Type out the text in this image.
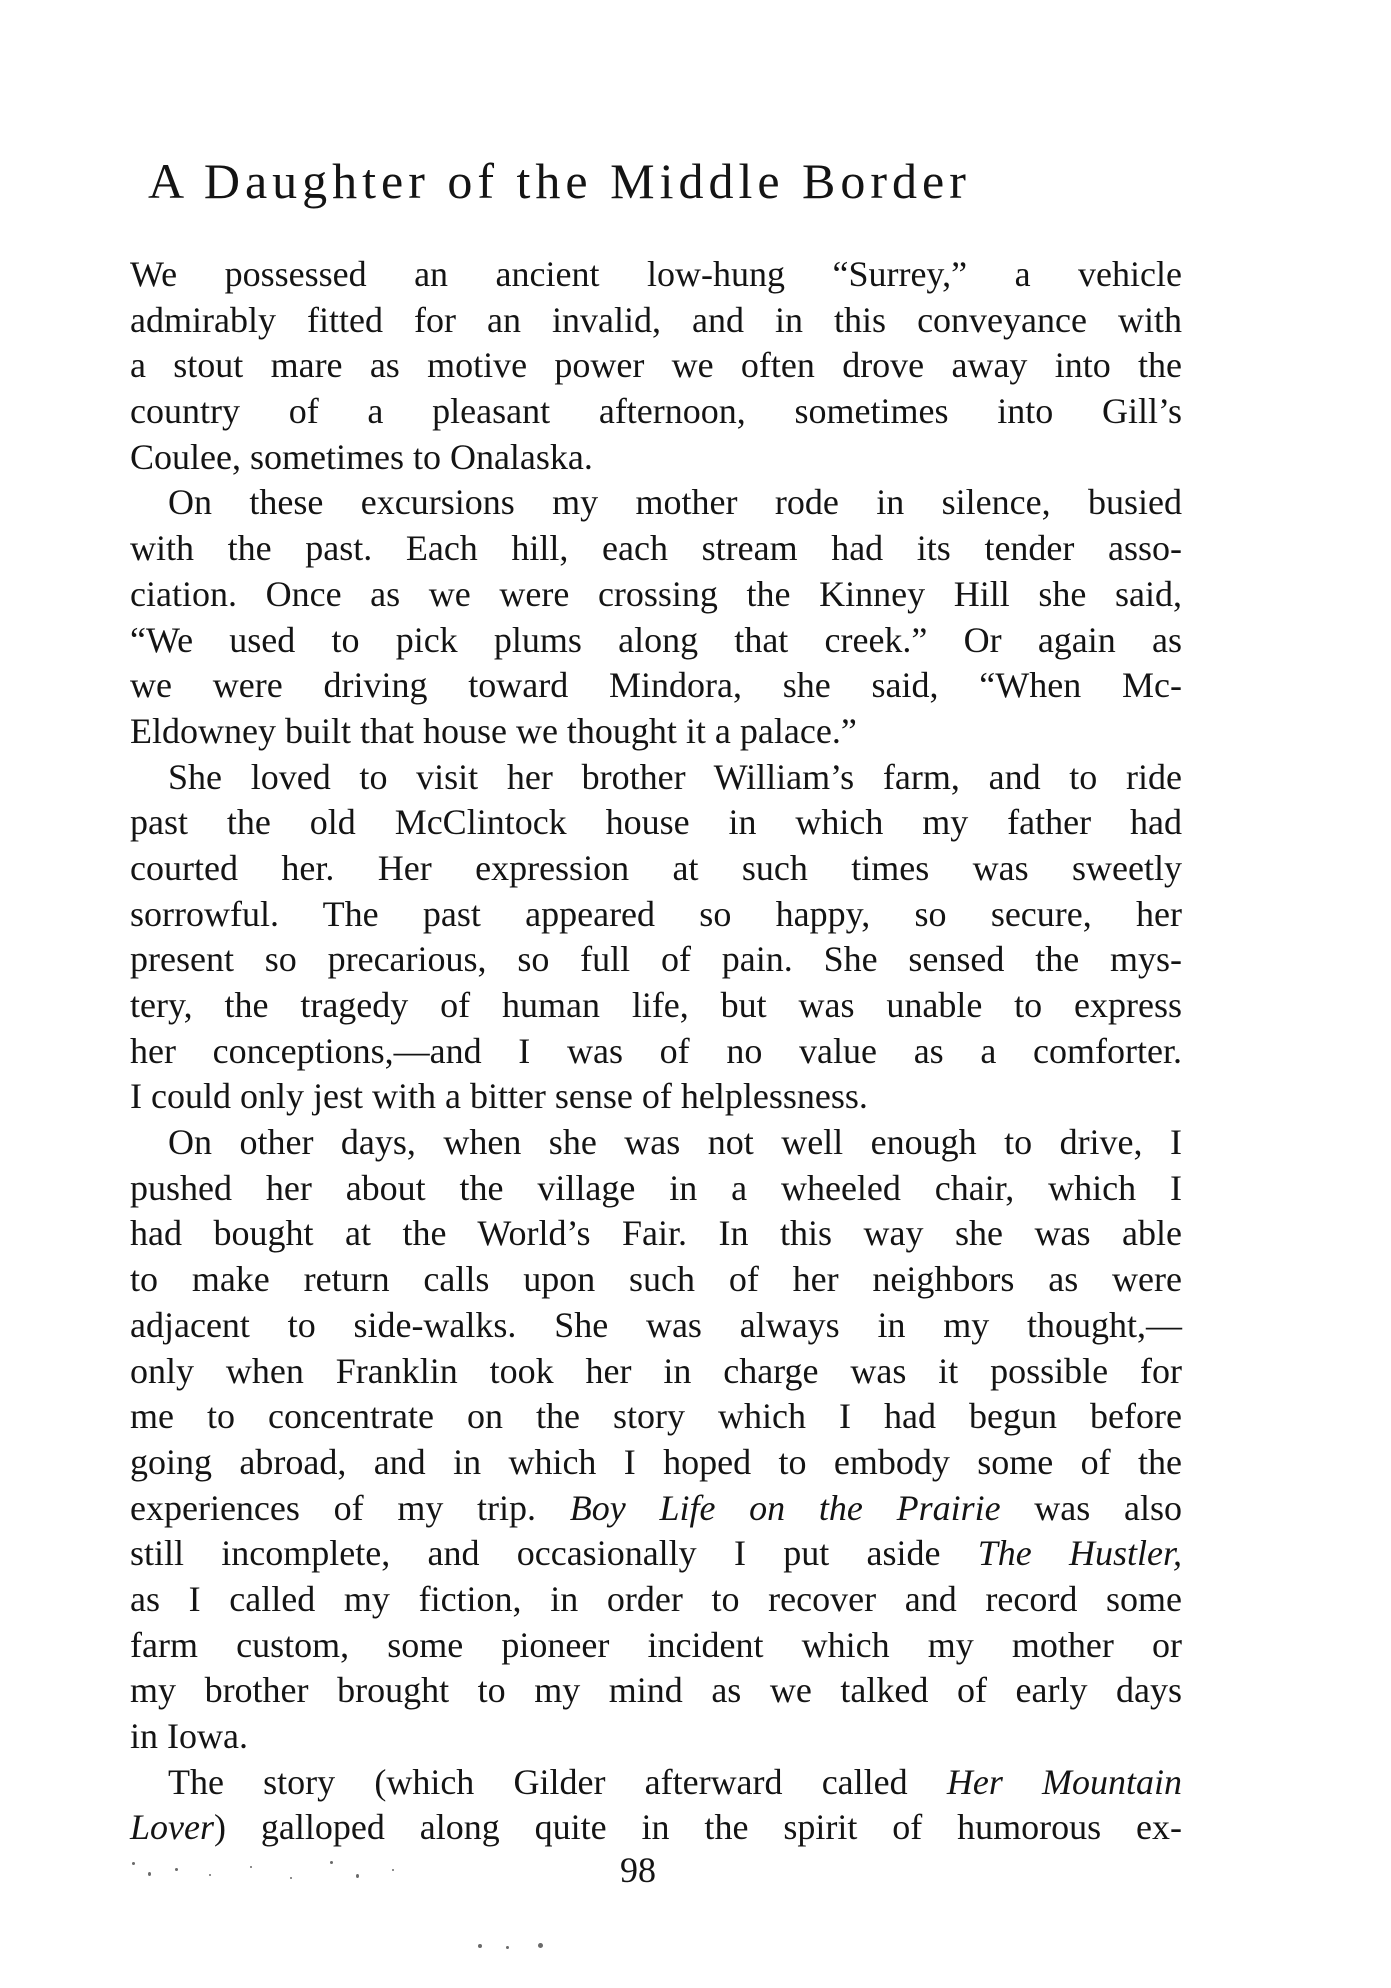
A Daughter of the Middle Border
We possessed an ancient low-hung “Surrey,” a vehicle
admirably fitted for an invalid, and in this conveyance with
a stout mare as motive power we often drove away into the
country of a pleasant afternoon, sometimes into Gill’s
Coulee, sometimes to Onalaska.
On these excursions my mother rode in silence, busied
with the past. Each hill, each stream had its tender asso-
ciation. Once as we were crossing the Kinney Hill she said,
“We used to pick plums along that creek.” Or again as
we were driving toward Mindora, she said, “When Mc-
Eldowney built that house we thought it a palace.”
She loved to visit her brother William’s farm, and to ride
past the old McClintock house in which my father had
courted her. Her expression at such times was sweetly
sorrowful. The past appeared so happy, so secure, her
present so precarious, so full of pain. She sensed the mys-
tery, the tragedy of human life, but was unable to express
her conceptions,—and I was of no value as a comforter.
I could only jest with a bitter sense of helplessness.
On other days, when she was not well enough to drive, I
pushed her about the village in a wheeled chair, which I
had bought at the World’s Fair. In this way she was able
to make return calls upon such of her neighbors as were
adjacent to side-walks. She was always in my thought,—
only when Franklin took her in charge was it possible for
me to concentrate on the story which I had begun before
going abroad, and in which I hoped to embody some of the
experiences of my trip. Boy Life on the Prairie was also
still incomplete, and occasionally I put aside The Hustler,
as I called my fiction, in order to recover and record some
farm custom, some pioneer incident which my mother or
my brother brought to my mind as we talked of early days
in Iowa.
The story (which Gilder afterward called Her Mountain
Lover) galloped along quite in the spirit of humorous ex-
98
